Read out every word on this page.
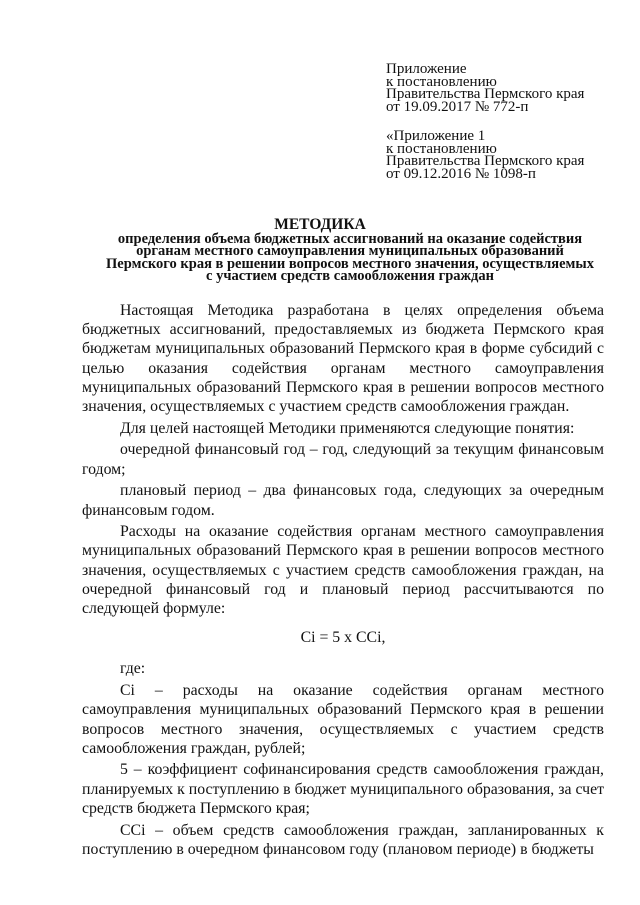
Приложение
к постановлению
Правительства Пермского края
от 19.09.2017 № 772-п
«Приложение 1
к постановлению
Правительства Пермского края
от 09.12.2016 № 1098-п
МЕТОДИКА
определения объема бюджетных ассигнований на оказание содействия
органам местного самоуправления муниципальных образований
Пермского края в решении вопросов местного значения, осуществляемых
с участием средств самообложения граждан

Настоящая Методика разработана в целях определения объема бюджетных ассигнований, предоставляемых из бюджета Пермского края бюджетам муниципальных образований Пермского края в форме субсидий с целью оказания содействия органам местного самоуправления муниципальных образований Пермского края в решении вопросов местного значения, осуществляемых с участием средств самообложения граждан.

Для целей настоящей Методики применяются следующие понятия:

очередной финансовый год – год, следующий за текущим финансовым годом;

плановый период – два финансовых года, следующих за очередным финансовым годом.

Расходы на оказание содействия органам местного самоуправления муниципальных образований Пермского края в решении вопросов местного значения, осуществляемых с участием средств самообложения граждан, на очередной финансовый год и плановый период рассчитываются по следующей формуле:

Ci = 5 x CCi,

где:

Ci – расходы на оказание содействия органам местного самоуправления муниципальных образований Пермского края в решении вопросов местного значения, осуществляемых с участием средств самообложения граждан, рублей;

5 – коэффициент софинансирования средств самообложения граждан, планируемых к поступлению в бюджет муниципального образования, за счет средств бюджета Пермского края;

CCi – объем средств самообложения граждан, запланированных к поступлению в очередном финансовом году (плановом периоде) в бюджеты
